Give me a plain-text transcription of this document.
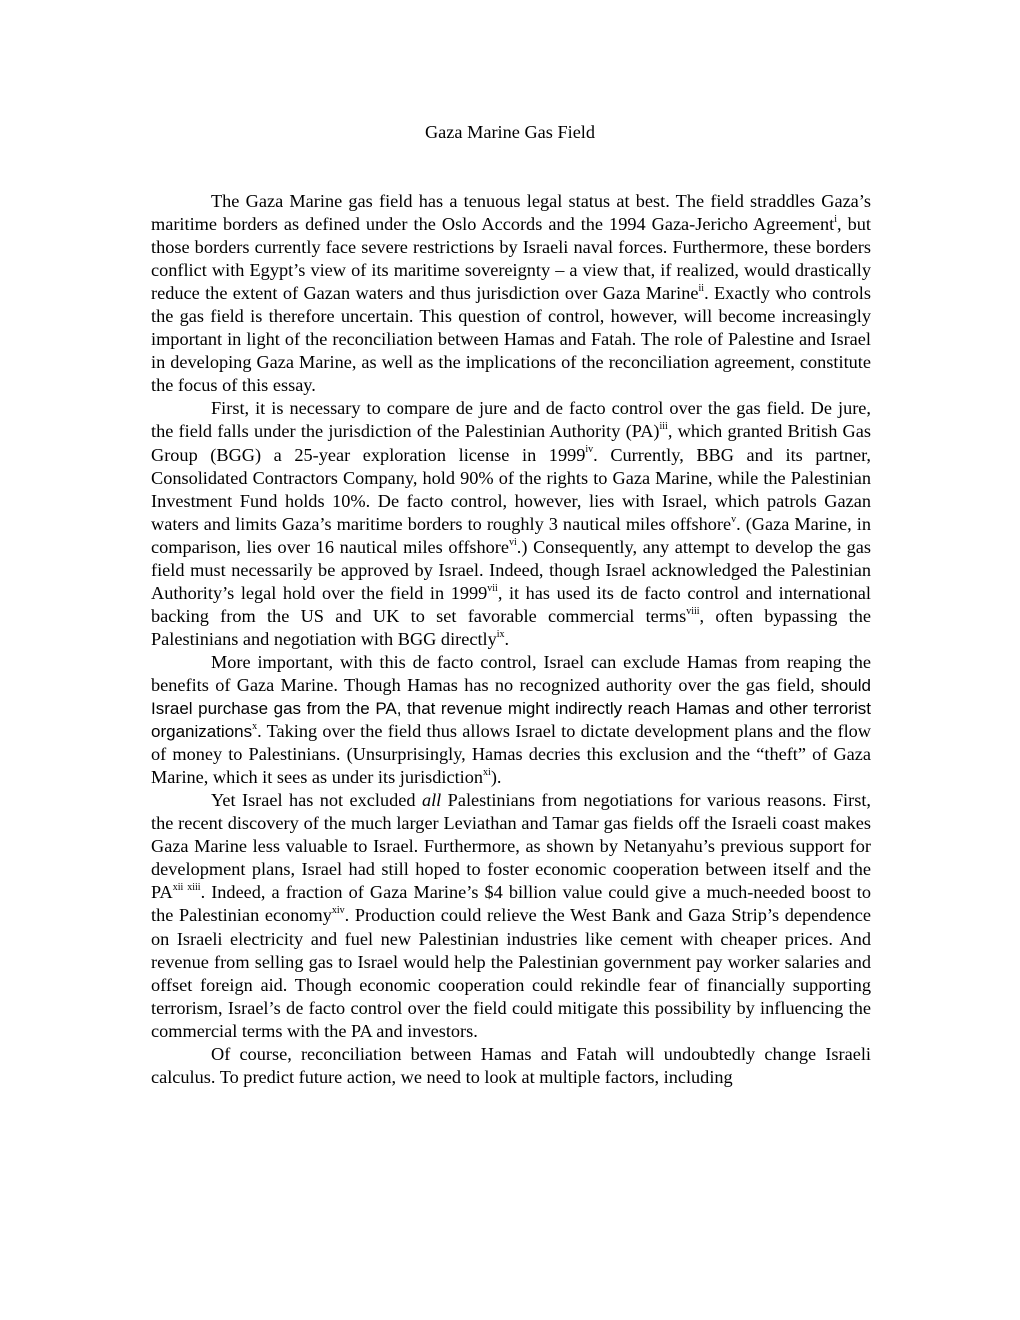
Gaza Marine Gas Field

The Gaza Marine gas field has a tenuous legal status at best. The field straddles Gaza’s maritime borders as defined under the Oslo Accords and the 1994 Gaza-Jericho Agreement$^i$, but those borders currently face severe restrictions by Israeli naval forces. Furthermore, these borders conflict with Egypt’s view of its maritime sovereignty – a view that, if realized, would drastically reduce the extent of Gazan waters and thus jurisdiction over Gaza Marine$^{ii}$. Exactly who controls the gas field is therefore uncertain. This question of control, however, will become increasingly important in light of the reconciliation between Hamas and Fatah. The role of Palestine and Israel in developing Gaza Marine, as well as the implications of the reconciliation agreement, constitute the focus of this essay.

First, it is necessary to compare de jure and de facto control over the gas field. De jure, the field falls under the jurisdiction of the Palestinian Authority (PA)$^{iii}$, which granted British Gas Group (BGG) a 25-year exploration license in 1999$^{iv}$. Currently, BBG and its partner, Consolidated Contractors Company, hold 90% of the rights to Gaza Marine, while the Palestinian Investment Fund holds 10%. De facto control, however, lies with Israel, which patrols Gazan waters and limits Gaza’s maritime borders to roughly 3 nautical miles offshore$^v$. (Gaza Marine, in comparison, lies over 16 nautical miles offshore$^{vi}$.) Consequently, any attempt to develop the gas field must necessarily be approved by Israel. Indeed, though Israel acknowledged the Palestinian Authority’s legal hold over the field in 1999$^{vii}$, it has used its de facto control and international backing from the US and UK to set favorable commercial terms$^{viii}$, often bypassing the Palestinians and negotiation with BGG directly$^{ix}$.

More important, with this de facto control, Israel can exclude Hamas from reaping the benefits of Gaza Marine. Though Hamas has no recognized authority over the gas field, should Israel purchase gas from the PA, that revenue might indirectly reach Hamas and other terrorist organizations$^x$. Taking over the field thus allows Israel to dictate development plans and the flow of money to Palestinians. (Unsurprisingly, Hamas decries this exclusion and the “theft” of Gaza Marine, which it sees as under its jurisdiction$^{xi}$).

Yet Israel has not excluded all Palestinians from negotiations for various reasons. First, the recent discovery of the much larger Leviathan and Tamar gas fields off the Israeli coast makes Gaza Marine less valuable to Israel. Furthermore, as shown by Netanyahu’s previous support for development plans, Israel had still hoped to foster economic cooperation between itself and the $PA^{xii xiii}$. Indeed, a fraction of Gaza Marine’s $4 billion value could give a much-needed boost to the Palestinian economy$^{xiv}$. Production could relieve the West Bank and Gaza Strip’s dependence on Israeli electricity and fuel new Palestinian industries like cement with cheaper prices. And revenue from selling gas to Israel would help the Palestinian government pay worker salaries and offset foreign aid. Though economic cooperation could rekindle fear of financially supporting terrorism, Israel’s de facto control over the field could mitigate this possibility by influencing the commercial terms with the PA and investors.

Of course, reconciliation between Hamas and Fatah will undoubtedly change Israeli calculus. To predict future action, we need to look at multiple factors, including
